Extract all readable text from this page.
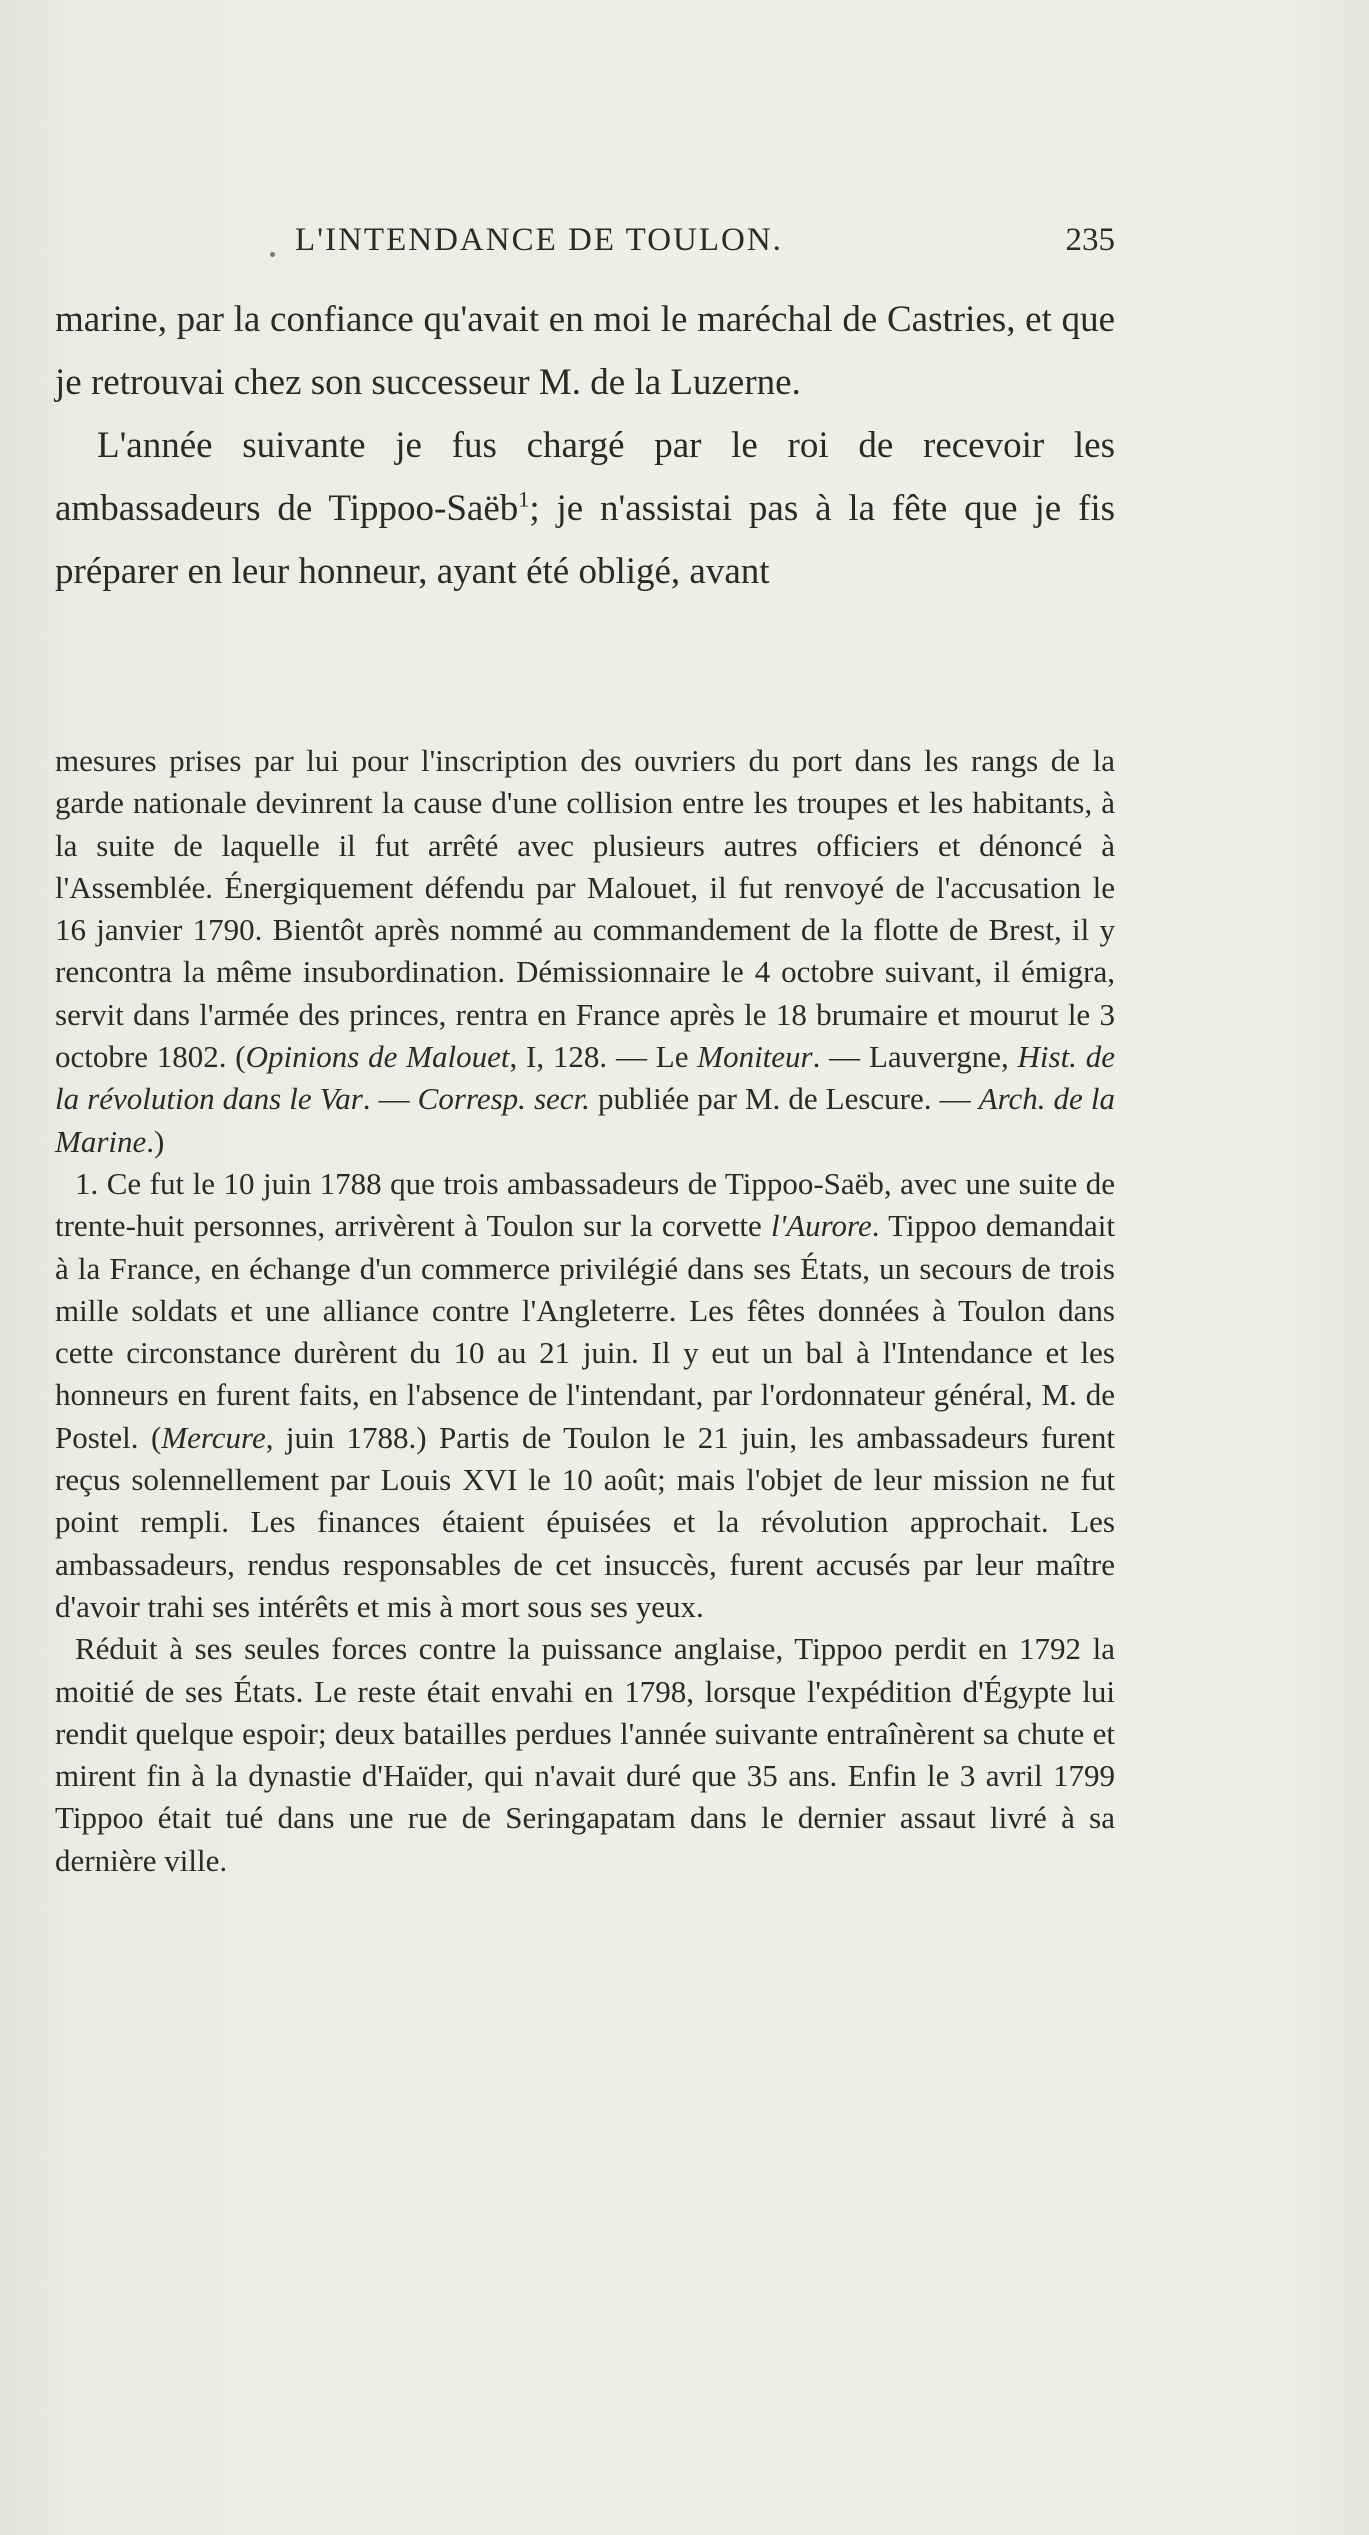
L'INTENDANCE DE TOULON.	235

marine, par la confiance qu'avait en moi le maréchal de Castries, et que je retrouvai chez son successeur M. de la Luzerne.

L'année suivante je fus chargé par le roi de recevoir les ambassadeurs de Tippoo-Saëb$^1$; je n'assistai pas à la fête que je fis préparer en leur honneur, ayant été obligé, avant

mesures prises par lui pour l'inscription des ouvriers du port dans les rangs de la garde nationale devinrent la cause d'une collision entre les troupes et les habitants, à la suite de laquelle il fut arrêté avec plusieurs autres officiers et dénoncé à l'Assemblée. Énergiquement défendu par Malouet, il fut renvoyé de l'accusation le 16 janvier 1790. Bientôt après nommé au commandement de la flotte de Brest, il y rencontra la même insubordination. Démissionnaire le 4 octobre suivant, il émigra, servit dans l'armée des princes, rentra en France après le 18 brumaire et mourut le 3 octobre 1802. (Opinions de Malouet, I, 128. — Le Moniteur. — Lauvergne, Hist. de la révolution dans le Var. — Corresp. secr. publiée par M. de Lescure. — Arch. de la Marine.)

1. Ce fut le 10 juin 1788 que trois ambassadeurs de Tippoo-Saëb, avec une suite de trente-huit personnes, arrivèrent à Toulon sur la corvette l'Aurore. Tippoo demandait à la France, en échange d'un commerce privilégié dans ses États, un secours de trois mille soldats et une alliance contre l'Angleterre. Les fêtes données à Toulon dans cette circonstance durèrent du 10 au 21 juin. Il y eut un bal à l'Intendance et les honneurs en furent faits, en l'absence de l'intendant, par l'ordonnateur général, M. de Postel. (Mercure, juin 1788.) Partis de Toulon le 21 juin, les ambassadeurs furent reçus solennellement par Louis XVI le 10 août; mais l'objet de leur mission ne fut point rempli. Les finances étaient épuisées et la révolution approchait. Les ambassadeurs, rendus responsables de cet insuccès, furent accusés par leur maître d'avoir trahi ses intérêts et mis à mort sous ses yeux.

Réduit à ses seules forces contre la puissance anglaise, Tippoo perdit en 1792 la moitié de ses États. Le reste était envahi en 1798, lorsque l'expédition d'Égypte lui rendit quelque espoir; deux batailles perdues l'année suivante entraînèrent sa chute et mirent fin à la dynastie d'Haïder, qui n'avait duré que 35 ans. Enfin le 3 avril 1799 Tippoo était tué dans une rue de Seringapatam dans le dernier assaut livré à sa dernière ville.
